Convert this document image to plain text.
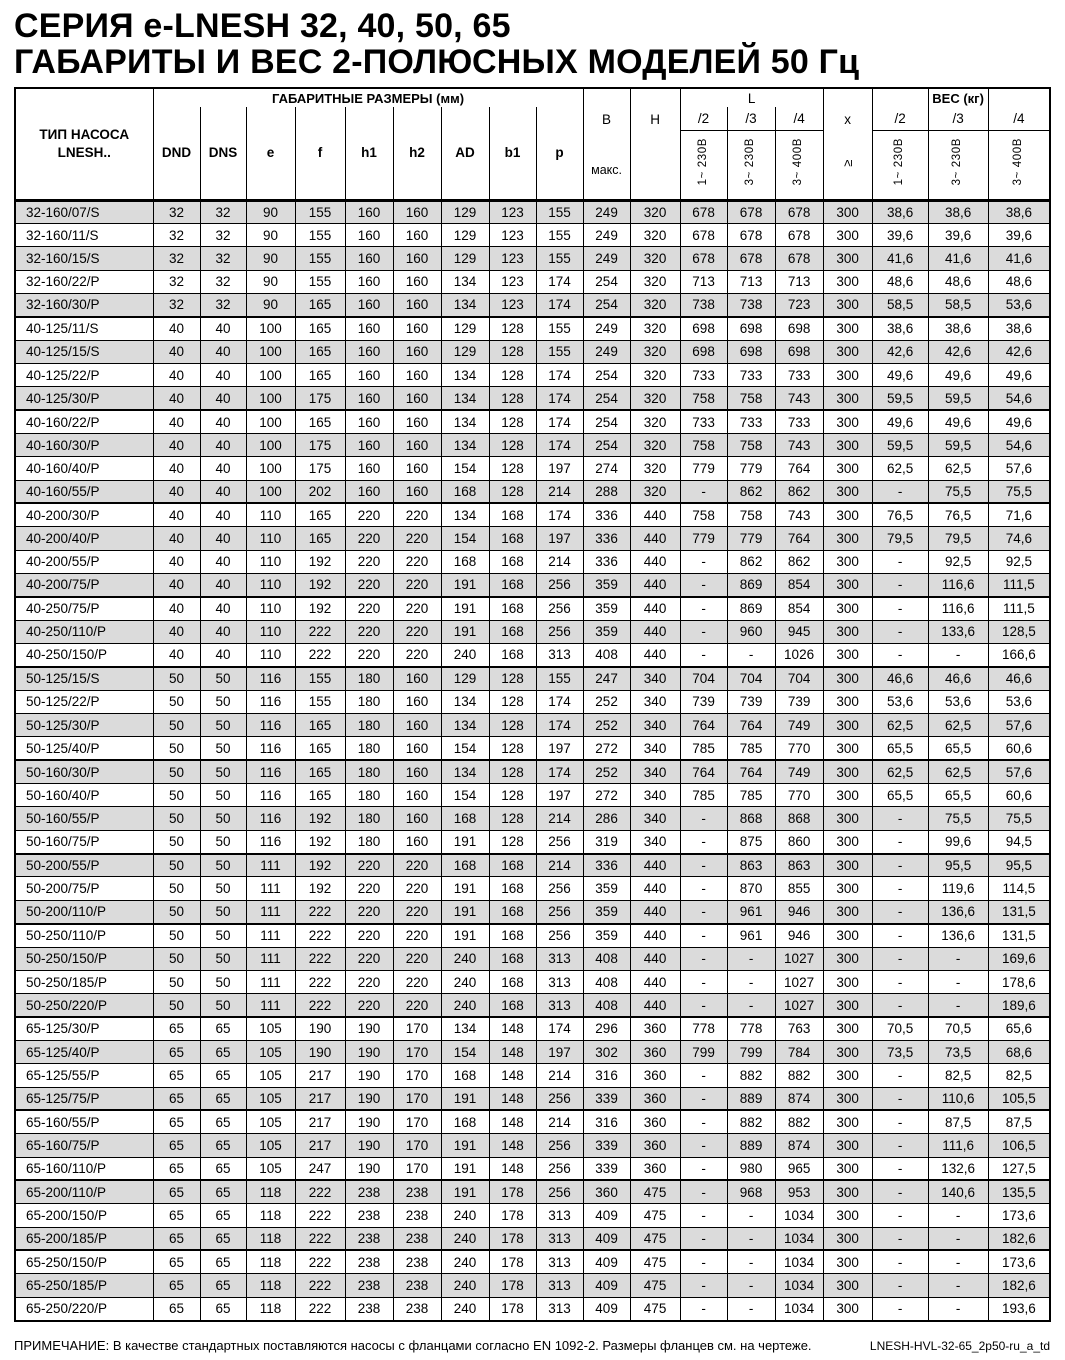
СЕРИЯ e-LNESH 32, 40, 50, 65
ГАБАРИТЫ И ВЕС 2-ПОЛЮСНЫХ МОДЕЛЕЙ 50 Гц
ТИП НАСОСА
LNESH..
	ГАБАРИТНЫЕ РАЗМЕРЫ (мм)	
B
макс.

H
	L	
x
≥
		ВЕС (кг)	
	DND	DNS	e	f	h1	h2	AD	b1	p			/2	/3	/4		/2	/3	/4
												1~ 230В	3~ 230В	3~ 400В		1~ 230В	3~ 230В	3~ 400В
32-160/07/S	32	32	90	155	160	160	129	123	155	249	320	678	678	678	300	38,6	38,6	38,6
32-160/11/S	32	32	90	155	160	160	129	123	155	249	320	678	678	678	300	39,6	39,6	39,6
32-160/15/S	32	32	90	155	160	160	129	123	155	249	320	678	678	678	300	41,6	41,6	41,6
32-160/22/P	32	32	90	155	160	160	134	123	174	254	320	713	713	713	300	48,6	48,6	48,6
32-160/30/P	32	32	90	165	160	160	134	123	174	254	320	738	738	723	300	58,5	58,5	53,6
40-125/11/S	40	40	100	165	160	160	129	128	155	249	320	698	698	698	300	38,6	38,6	38,6
40-125/15/S	40	40	100	165	160	160	129	128	155	249	320	698	698	698	300	42,6	42,6	42,6
40-125/22/P	40	40	100	165	160	160	134	128	174	254	320	733	733	733	300	49,6	49,6	49,6
40-125/30/P	40	40	100	175	160	160	134	128	174	254	320	758	758	743	300	59,5	59,5	54,6
40-160/22/P	40	40	100	165	160	160	134	128	174	254	320	733	733	733	300	49,6	49,6	49,6
40-160/30/P	40	40	100	175	160	160	134	128	174	254	320	758	758	743	300	59,5	59,5	54,6
40-160/40/P	40	40	100	175	160	160	154	128	197	274	320	779	779	764	300	62,5	62,5	57,6
40-160/55/P	40	40	100	202	160	160	168	128	214	288	320	-	862	862	300	-	75,5	75,5
40-200/30/P	40	40	110	165	220	220	134	168	174	336	440	758	758	743	300	76,5	76,5	71,6
40-200/40/P	40	40	110	165	220	220	154	168	197	336	440	779	779	764	300	79,5	79,5	74,6
40-200/55/P	40	40	110	192	220	220	168	168	214	336	440	-	862	862	300	-	92,5	92,5
40-200/75/P	40	40	110	192	220	220	191	168	256	359	440	-	869	854	300	-	116,6	111,5
40-250/75/P	40	40	110	192	220	220	191	168	256	359	440	-	869	854	300	-	116,6	111,5
40-250/110/P	40	40	110	222	220	220	191	168	256	359	440	-	960	945	300	-	133,6	128,5
40-250/150/P	40	40	110	222	220	220	240	168	313	408	440	-	-	1026	300	-	-	166,6
50-125/15/S	50	50	116	155	180	160	129	128	155	247	340	704	704	704	300	46,6	46,6	46,6
50-125/22/P	50	50	116	155	180	160	134	128	174	252	340	739	739	739	300	53,6	53,6	53,6
50-125/30/P	50	50	116	165	180	160	134	128	174	252	340	764	764	749	300	62,5	62,5	57,6
50-125/40/P	50	50	116	165	180	160	154	128	197	272	340	785	785	770	300	65,5	65,5	60,6
50-160/30/P	50	50	116	165	180	160	134	128	174	252	340	764	764	749	300	62,5	62,5	57,6
50-160/40/P	50	50	116	165	180	160	154	128	197	272	340	785	785	770	300	65,5	65,5	60,6
50-160/55/P	50	50	116	192	180	160	168	128	214	286	340	-	868	868	300	-	75,5	75,5
50-160/75/P	50	50	116	192	180	160	191	128	256	319	340	-	875	860	300	-	99,6	94,5
50-200/55/P	50	50	111	192	220	220	168	168	214	336	440	-	863	863	300	-	95,5	95,5
50-200/75/P	50	50	111	192	220	220	191	168	256	359	440	-	870	855	300	-	119,6	114,5
50-200/110/P	50	50	111	222	220	220	191	168	256	359	440	-	961	946	300	-	136,6	131,5
50-250/110/P	50	50	111	222	220	220	191	168	256	359	440	-	961	946	300	-	136,6	131,5
50-250/150/P	50	50	111	222	220	220	240	168	313	408	440	-	-	1027	300	-	-	169,6
50-250/185/P	50	50	111	222	220	220	240	168	313	408	440	-	-	1027	300	-	-	178,6
50-250/220/P	50	50	111	222	220	220	240	168	313	408	440	-	-	1027	300	-	-	189,6
65-125/30/P	65	65	105	190	190	170	134	148	174	296	360	778	778	763	300	70,5	70,5	65,6
65-125/40/P	65	65	105	190	190	170	154	148	197	302	360	799	799	784	300	73,5	73,5	68,6
65-125/55/P	65	65	105	217	190	170	168	148	214	316	360	-	882	882	300	-	82,5	82,5
65-125/75/P	65	65	105	217	190	170	191	148	256	339	360	-	889	874	300	-	110,6	105,5
65-160/55/P	65	65	105	217	190	170	168	148	214	316	360	-	882	882	300	-	87,5	87,5
65-160/75/P	65	65	105	217	190	170	191	148	256	339	360	-	889	874	300	-	111,6	106,5
65-160/110/P	65	65	105	247	190	170	191	148	256	339	360	-	980	965	300	-	132,6	127,5
65-200/110/P	65	65	118	222	238	238	191	178	256	360	475	-	968	953	300	-	140,6	135,5
65-200/150/P	65	65	118	222	238	238	240	178	313	409	475	-	-	1034	300	-	-	173,6
65-200/185/P	65	65	118	222	238	238	240	178	313	409	475	-	-	1034	300	-	-	182,6
65-250/150/P	65	65	118	222	238	238	240	178	313	409	475	-	-	1034	300	-	-	173,6
65-250/185/P	65	65	118	222	238	238	240	178	313	409	475	-	-	1034	300	-	-	182,6
65-250/220/P	65	65	118	222	238	238	240	178	313	409	475	-	-	1034	300	-	-	193,6
ПРИМЕЧАНИЕ: В качестве стандартных поставляются насосы с фланцами согласно EN 1092-2. Размеры фланцев см. на чертеже.	LNESH-HVL-32-65_2p50-ru_a_td
